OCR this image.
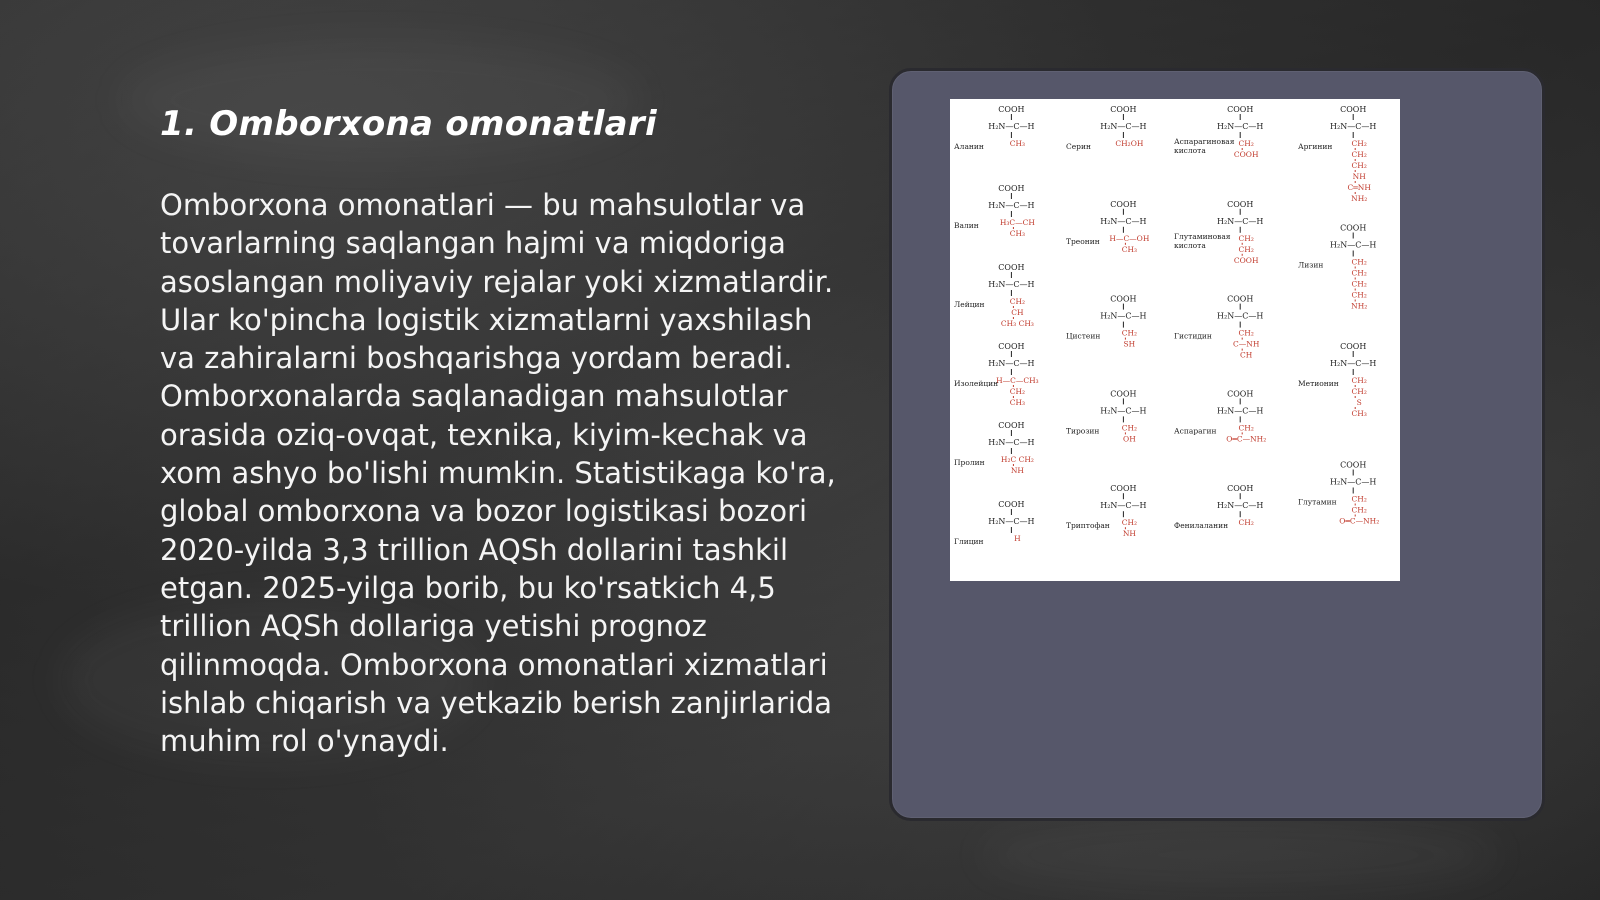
1. Omborxona omonatlari

Omborxona omonatlari — bu mahsulotlar va tovarlarning saqlangan hajmi va miqdoriga asoslangan moliyaviy rejalar yoki xizmatlardir. Ular ko'pincha logistik xizmatlarni yaxshilash va zahiralarni boshqarishga yordam beradi. Omborxonalarda saqlanadigan mahsulotlar orasida oziq-ovqat, texnika, kiyim-kechak va xom ashyo bo'lishi mumkin. Statistikaga ko'ra, global omborxona va bozor logistikasi bozori 2020-yilda 3,3 trillion AQSh dollarini tashkil etgan. 2025-yilga borib, bu ko'rsatkich 4,5 trillion AQSh dollariga yetishi prognoz qilinmoqda. Omborxona omonatlari xizmatlari ishlab chiqarish va yetkazib berish zanjirlarida muhim rol o'ynaydi.

COOH
H₂N—C—H
CH₃
Аланин
COOH
H₂N—C—H
H₃C—CH
CH₃
Валин
COOH
H₂N—C—H
CH₂
CH
CH₃ CH₃
Лейцин
COOH
H₂N—C—H
H—C—CH₃
CH₂
CH₃
Изолейцин
COOH
H₂N—C—H
H₂C CH₂
NH
Пролин
COOH
H₂N—C—H
H
Глицин
COOH
H₂N—C—H
CH₂OH
Серин
COOH
H₂N—C—H
H—C—OH
CH₃
Треонин
COOH
H₂N—C—H
CH₂
SH
Цистеин
COOH
H₂N—C—H
CH₂
OH
Тирозин
COOH
H₂N—C—H
CH₂
NH
Триптофан
COOH
H₂N—C—H
CH₂
COOH
Аспарагиновая
кислота
COOH
H₂N—C—H
CH₂
CH₂
COOH
Глутаминовая
кислота
COOH
H₂N—C—H
CH₂
C—NH
CH
Гистидин
COOH
H₂N—C—H
CH₂
O═C—NH₂
Аспарагин
COOH
H₂N—C—H
CH₂
Фенилаланин
COOH
H₂N—C—H
CH₂
CH₂
CH₂
NH
C═NH
NH₂
Аргинин
COOH
H₂N—C—H
CH₂
CH₂
CH₂
CH₂
NH₂
Лизин
COOH
H₂N—C—H
CH₂
CH₂
S
CH₃
Метионин
COOH
H₂N—C—H
CH₂
CH₂
O═C—NH₂
Глутамин
